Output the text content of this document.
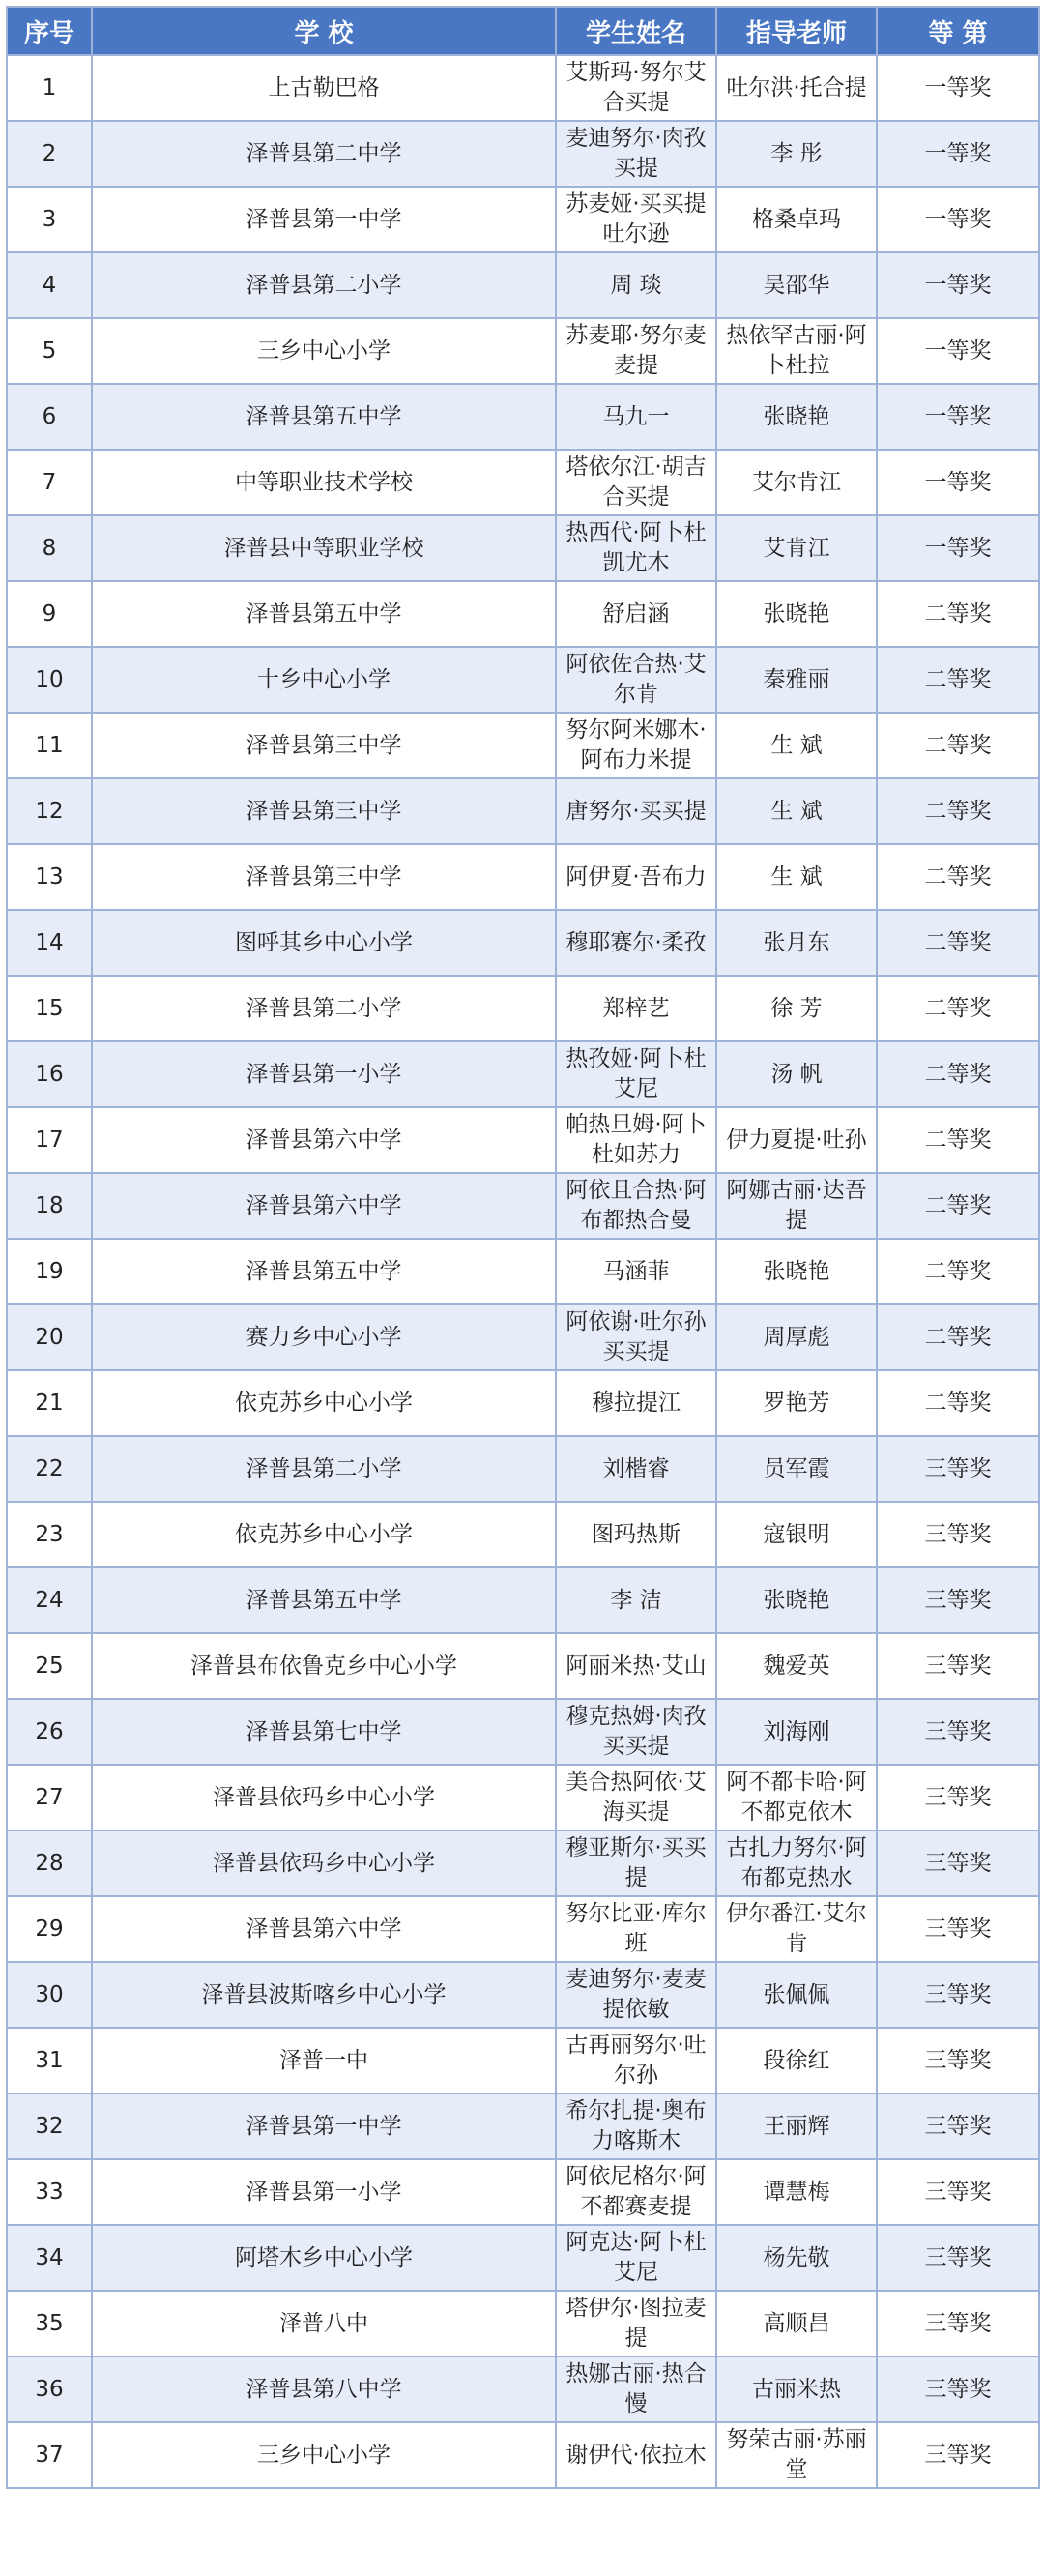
序号	学 校	学生姓名	指导老师	等 第

1	上古勒巴格	艾斯玛·努尔艾合买提	吐尔洪·托合提	一等奖

2	泽普县第二中学	麦迪努尔·肉孜买提	李 彤	一等奖

3	泽普县第一中学	苏麦娅·买买提吐尔逊	格桑卓玛	一等奖

4	泽普县第二小学	周 琰	吴邵华	一等奖

5	三乡中心小学	苏麦耶·努尔麦麦提	热依罕古丽·阿卜杜拉	一等奖

6	泽普县第五中学	马九一	张晓艳	一等奖

7	中等职业技术学校	塔依尔江·胡吉合买提	艾尔肯江	一等奖

8	泽普县中等职业学校	热西代·阿卜杜凯尤木	艾肯江	一等奖

9	泽普县第五中学	舒启涵	张晓艳	二等奖

10	十乡中心小学	阿依佐合热·艾尔肯	秦雅丽	二等奖

11	泽普县第三中学	努尔阿米娜木·阿布力米提	生 斌	二等奖

12	泽普县第三中学	唐努尔·买买提	生 斌	二等奖

13	泽普县第三中学	阿伊夏·吾布力	生 斌	二等奖

14	图呼其乡中心小学	穆耶赛尔·柔孜	张月东	二等奖

15	泽普县第二小学	郑梓艺	徐 芳	二等奖

16	泽普县第一小学	热孜娅·阿卜杜艾尼	汤 帆	二等奖

17	泽普县第六中学	帕热旦姆·阿卜杜如苏力	伊力夏提·吐孙	二等奖

18	泽普县第六中学	阿依且合热·阿布都热合曼	阿娜古丽·达吾提	二等奖

19	泽普县第五中学	马涵菲	张晓艳	二等奖

20	赛力乡中心小学	阿依谢·吐尔孙买买提	周厚彪	二等奖

21	依克苏乡中心小学	穆拉提江	罗艳芳	二等奖

22	泽普县第二小学	刘楷睿	员军霞	三等奖

23	依克苏乡中心小学	图玛热斯	寇银明	三等奖

24	泽普县第五中学	李 洁	张晓艳	三等奖

25	泽普县布依鲁克乡中心小学	阿丽米热·艾山	魏爱英	三等奖

26	泽普县第七中学	穆克热姆·肉孜买买提	刘海刚	三等奖

27	泽普县依玛乡中心小学	美合热阿依·艾海买提	阿不都卡哈·阿不都克依木	三等奖

28	泽普县依玛乡中心小学	穆亚斯尔·买买提	古扎力努尔·阿布都克热水	三等奖

29	泽普县第六中学	努尔比亚·库尔班	伊尔番江·艾尔肯	三等奖

30	泽普县波斯喀乡中心小学	麦迪努尔·麦麦提依敏	张佩佩	三等奖

31	泽普一中	古再丽努尔·吐尔孙	段徐红	三等奖

32	泽普县第一中学	希尔扎提·奥布力喀斯木	王丽辉	三等奖

33	泽普县第一小学	阿依尼格尔·阿不都赛麦提	谭慧梅	三等奖

34	阿塔木乡中心小学	阿克达·阿卜杜艾尼	杨先敬	三等奖

35	泽普八中	塔伊尔·图拉麦提	高顺昌	三等奖

36	泽普县第八中学	热娜古丽·热合慢	古丽米热	三等奖

37	三乡中心小学	谢伊代·依拉木	努荣古丽·苏丽堂	三等奖
